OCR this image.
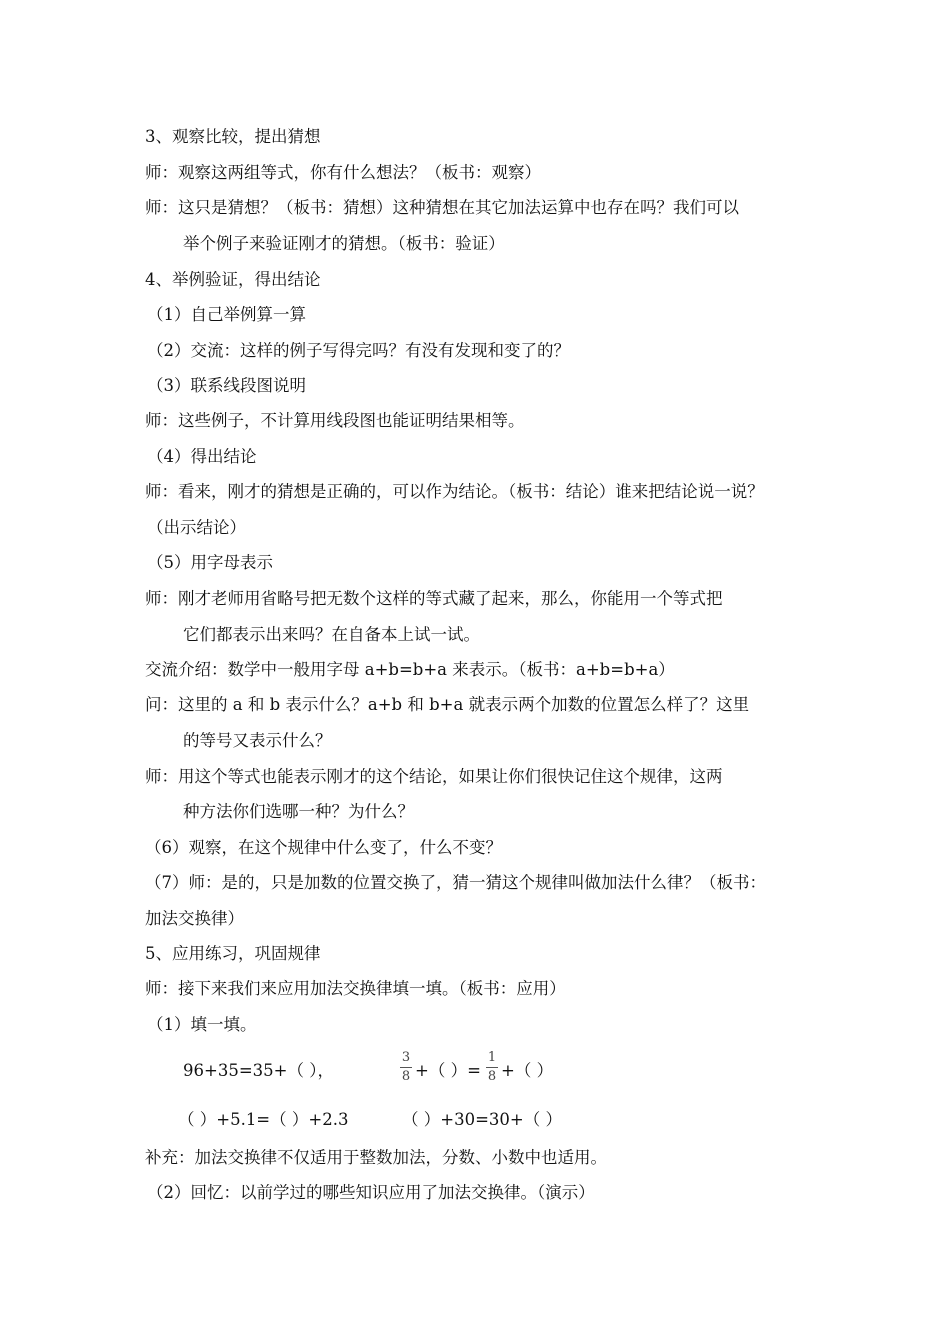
3、观察比较，提出猜想
师：观察这两组等式，你有什么想法？（板书：观察）
师：这只是猜想？（板书：猜想）这种猜想在其它加法运算中也存在吗？我们可以
举个例子来验证刚才的猜想。（板书：验证）
4、举例验证，得出结论
（1）自己举例算一算
（2）交流：这样的例子写得完吗？有没有发现和变了的？
（3）联系线段图说明
师：这些例子，不计算用线段图也能证明结果相等。
（4）得出结论
师：看来，刚才的猜想是正确的，可以作为结论。（板书：结论）谁来把结论说一说？
（出示结论）
（5）用字母表示
师：刚才老师用省略号把无数个这样的等式藏了起来，那么，你能用一个等式把
它们都表示出来吗？在自备本上试一试。
交流介绍：数学中一般用字母 a+b=b+a 来表示。（板书：a+b=b+a）
问：这里的 a 和 b 表示什么？a+b 和 b+a 就表示两个加数的位置怎么样了？这里
的等号又表示什么？
师：用这个等式也能表示刚才的这个结论，如果让你们很快记住这个规律，这两
种方法你们选哪一种？为什么？
（6）观察，在这个规律中什么变了，什么不变？
（7）师：是的，只是加数的位置交换了，猜一猜这个规律叫做加法什么律？（板书：
加法交换律）
5、应用练习，巩固规律
师：接下来我们来应用加法交换律填一填。（板书：应用）
（1）填一填。
96+35=35+（ ），
3
8 +（ ）=
1
8 +（ ）
（ ）+5.1=（ ）+2.3	（ ）+30=30+（ ）
补充：加法交换律不仅适用于整数加法，分数、小数中也适用。
（2）回忆：以前学过的哪些知识应用了加法交换律。（演示）
